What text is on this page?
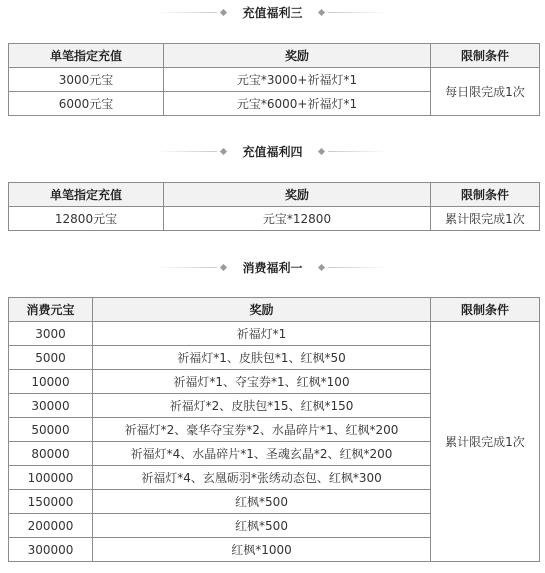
充值福利三
单笔指定充值	奖励	限制条件
3000元宝	元宝*3000+祈福灯*1	每日限完成1次
6000元宝	元宝*6000+祈福灯*1	
充值福利四
单笔指定充值	奖励	限制条件
12800元宝	元宝*12800	累计限完成1次
消费福利一
消费元宝	奖励	限制条件
3000	祈福灯*1	累计限完成1次
5000	祈福灯*1、皮肤包*1、红枫*50	
10000	祈福灯*1、夺宝券*1、红枫*100	
30000	祈福灯*2、皮肤包*15、红枫*150	
50000	祈福灯*2、豪华夺宝券*2、水晶碎片*1、红枫*200	
80000	祈福灯*4、水晶碎片*1、圣魂玄晶*2、红枫*200	
100000	祈福灯*4、玄凰砺羽*张绣动态包、红枫*300	
150000	红枫*500	
200000	红枫*500	
300000	红枫*1000	
